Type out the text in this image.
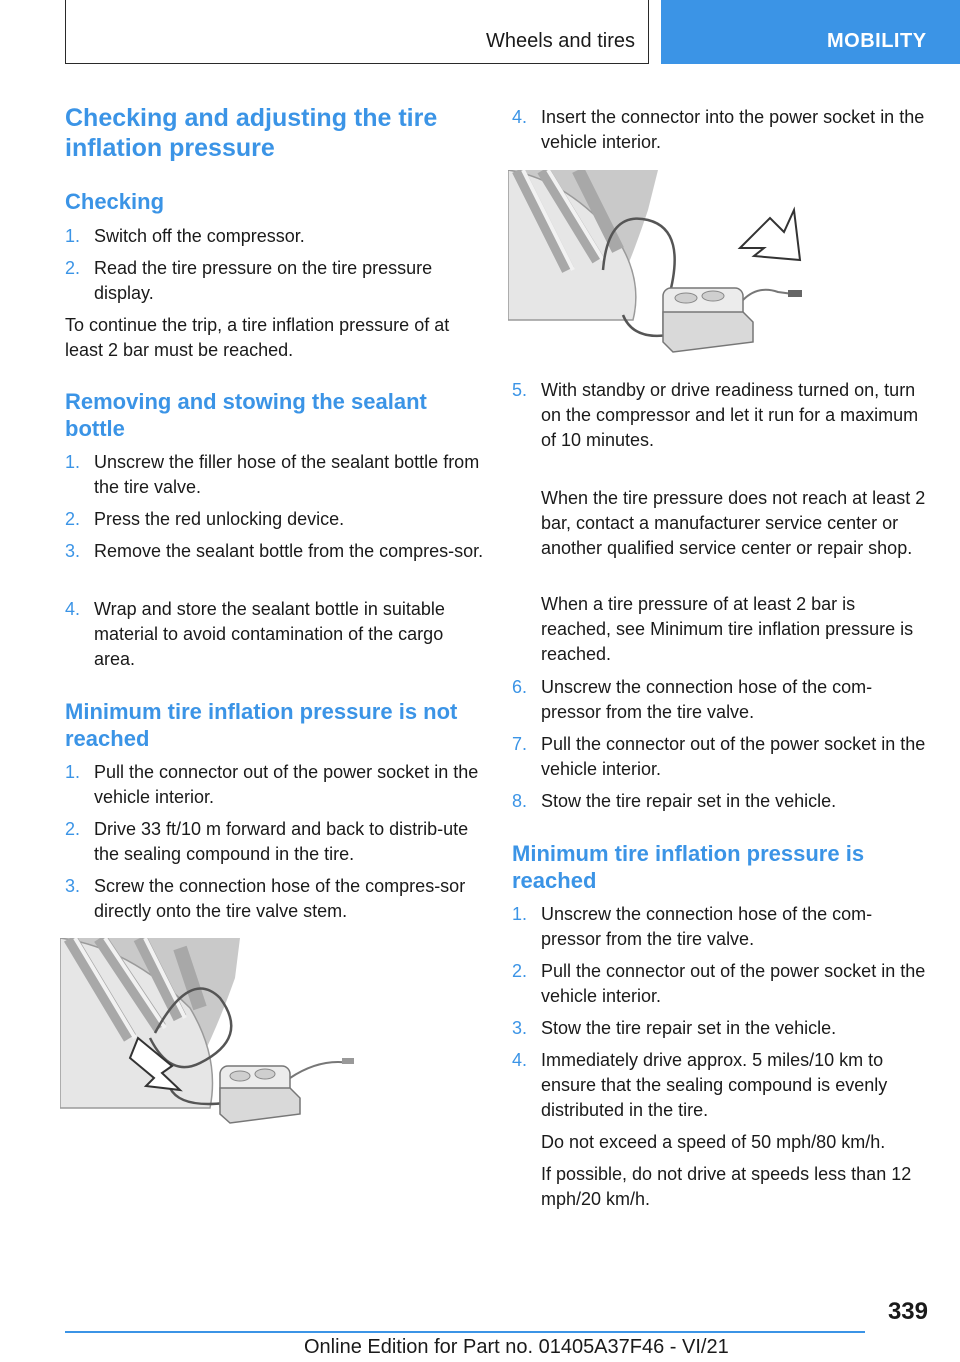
Wheels and tires	MOBILITY
Checking and adjusting the tire inflation pressure
Checking
1. Switch off the compressor.
2. Read the tire pressure on the tire pressure display.

To continue the trip, a tire inflation pressure of at least 2 bar must be reached.

Removing and stowing the sealant bottle
1. Unscrew the filler hose of the sealant bottle from the tire valve.
2. Press the red unlocking device.
3. Remove the sealant bottle from the compres‐sor.
4. Wrap and store the sealant bottle in suitable material to avoid contamination of the cargo area.
Minimum tire inflation pressure is not reached
1. Pull the connector out of the power socket in the vehicle interior.
2. Drive 33 ft/10 m forward and back to distrib‐ute the sealing compound in the tire.
3. Screw the connection hose of the compres‐sor directly onto the tire valve stem.
4. Insert the connector into the power socket in the vehicle interior.
5. With standby or drive readiness turned on, turn on the compressor and let it run for a maximum of 10 minutes.

When the tire pressure does not reach at least 2 bar, contact a manufacturer service center or another qualified service center or repair shop.

When a tire pressure of at least 2 bar is reached, see Minimum tire inflation pressure is reached.

6. Unscrew the connection hose of the com‐pressor from the tire valve.
7. Pull the connector out of the power socket in the vehicle interior.
8. Stow the tire repair set in the vehicle.
Minimum tire inflation pressure is reached
1. Unscrew the connection hose of the com‐pressor from the tire valve.
2. Pull the connector out of the power socket in the vehicle interior.
3. Stow the tire repair set in the vehicle.
4. Immediately drive approx. 5 miles/10 km to ensure that the sealing compound is evenly distributed in the tire.

Do not exceed a speed of 50 mph/80 km/h.

If possible, do not drive at speeds less than 12 mph/20 km/h.

339
Online Edition for Part no. 01405A37F46 - VI/21
